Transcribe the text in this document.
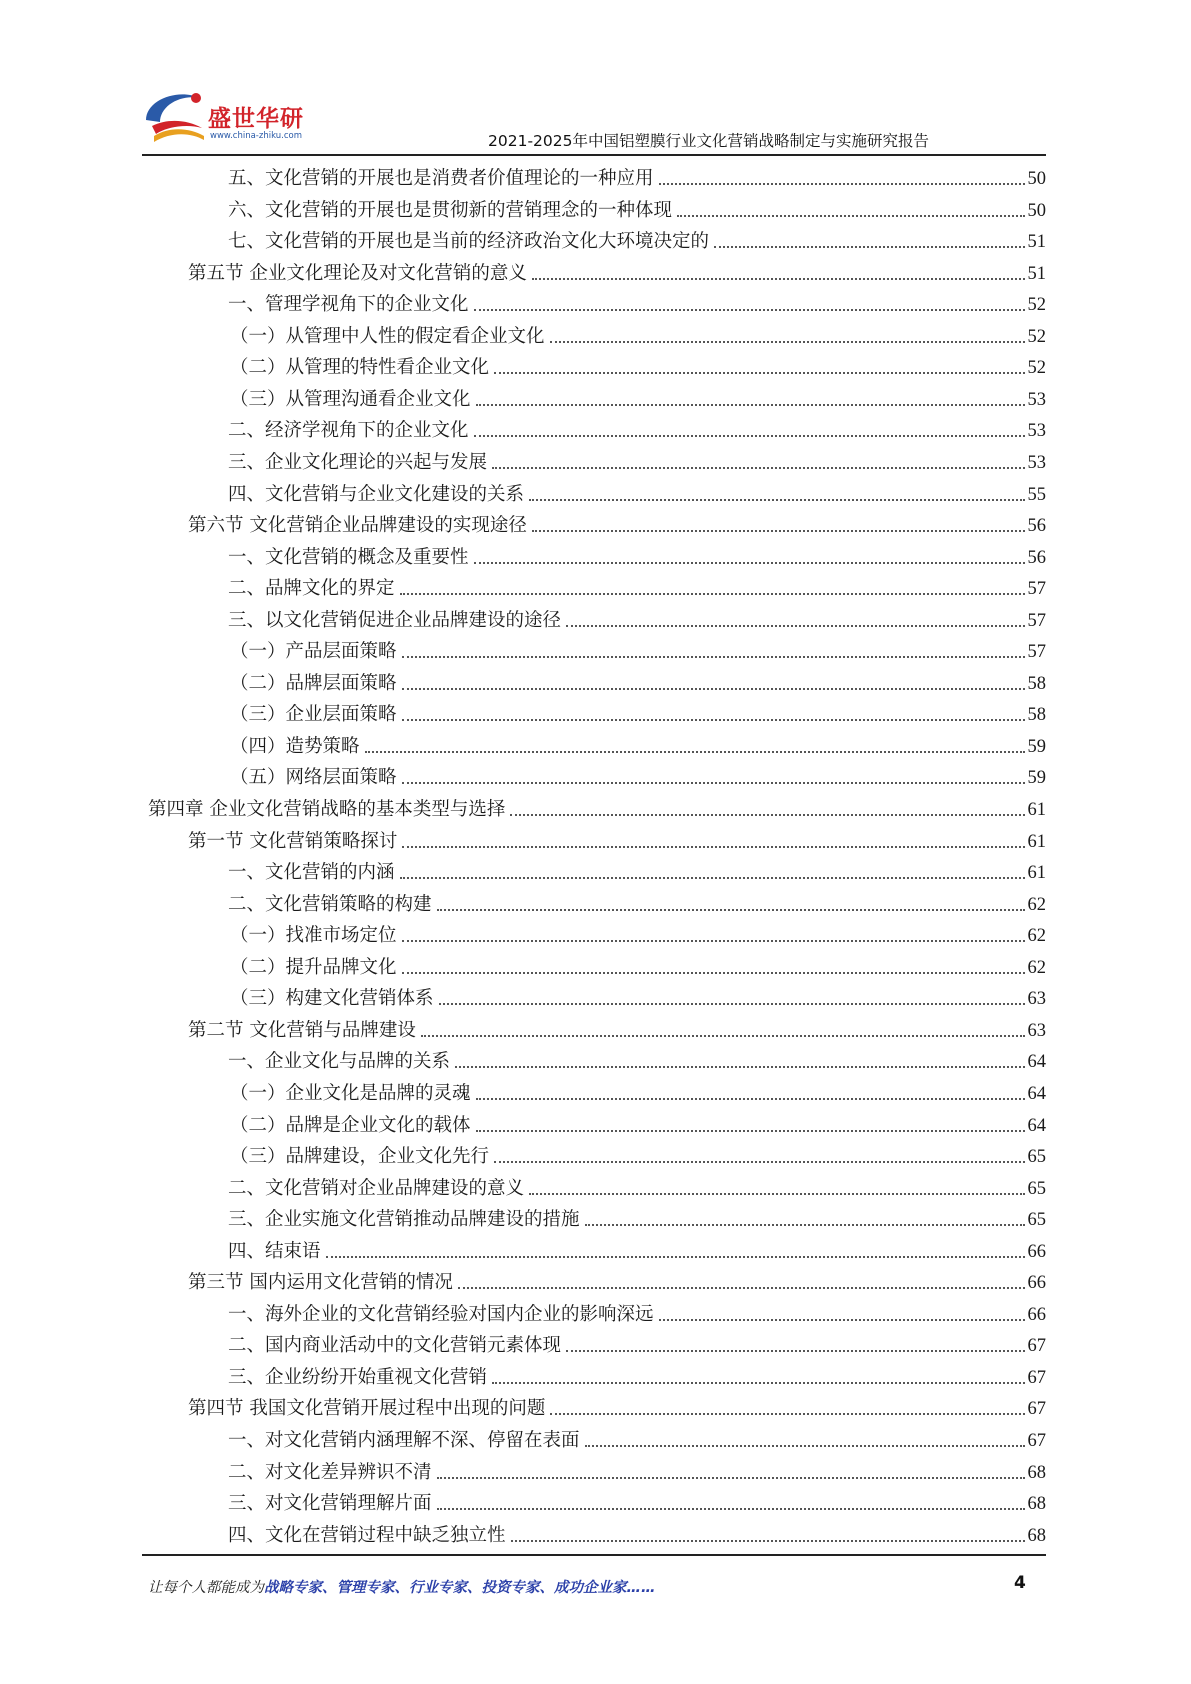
盛世华研
www.china-zhiku.com	2021-2025年中国铝塑膜行业文化营销战略制定与实施研究报告
五、文化营销的开展也是消费者价值理论的一种应用	50
六、文化营销的开展也是贯彻新的营销理念的一种体现	50
七、文化营销的开展也是当前的经济政治文化大环境决定的	51
第五节 企业文化理论及对文化营销的意义	51
一、管理学视角下的企业文化	52
（一）从管理中人性的假定看企业文化	52
（二）从管理的特性看企业文化	52
（三）从管理沟通看企业文化	53
二、经济学视角下的企业文化	53
三、企业文化理论的兴起与发展	53
四、文化营销与企业文化建设的关系	55
第六节 文化营销企业品牌建设的实现途径	56
一、文化营销的概念及重要性	56
二、品牌文化的界定	57
三、以文化营销促进企业品牌建设的途径	57
（一）产品层面策略	57
（二）品牌层面策略	58
（三）企业层面策略	58
（四）造势策略	59
（五）网络层面策略	59
第四章 企业文化营销战略的基本类型与选择	61
第一节 文化营销策略探讨	61
一、文化营销的内涵	61
二、文化营销策略的构建	62
（一）找准市场定位	62
（二）提升品牌文化	62
（三）构建文化营销体系	63
第二节 文化营销与品牌建设	63
一、企业文化与品牌的关系	64
（一）企业文化是品牌的灵魂	64
（二）品牌是企业文化的载体	64
（三）品牌建设，企业文化先行	65
二、文化营销对企业品牌建设的意义	65
三、企业实施文化营销推动品牌建设的措施	65
四、结束语	66
第三节 国内运用文化营销的情况	66
一、海外企业的文化营销经验对国内企业的影响深远	66
二、国内商业活动中的文化营销元素体现	67
三、企业纷纷开始重视文化营销	67
第四节 我国文化营销开展过程中出现的问题	67
一、对文化营销内涵理解不深、停留在表面	67
二、对文化差异辨识不清	68
三、对文化营销理解片面	68
四、文化在营销过程中缺乏独立性	68
让每个人都能成为战略专家、管理专家、行业专家、投资专家、成功企业家……	4
